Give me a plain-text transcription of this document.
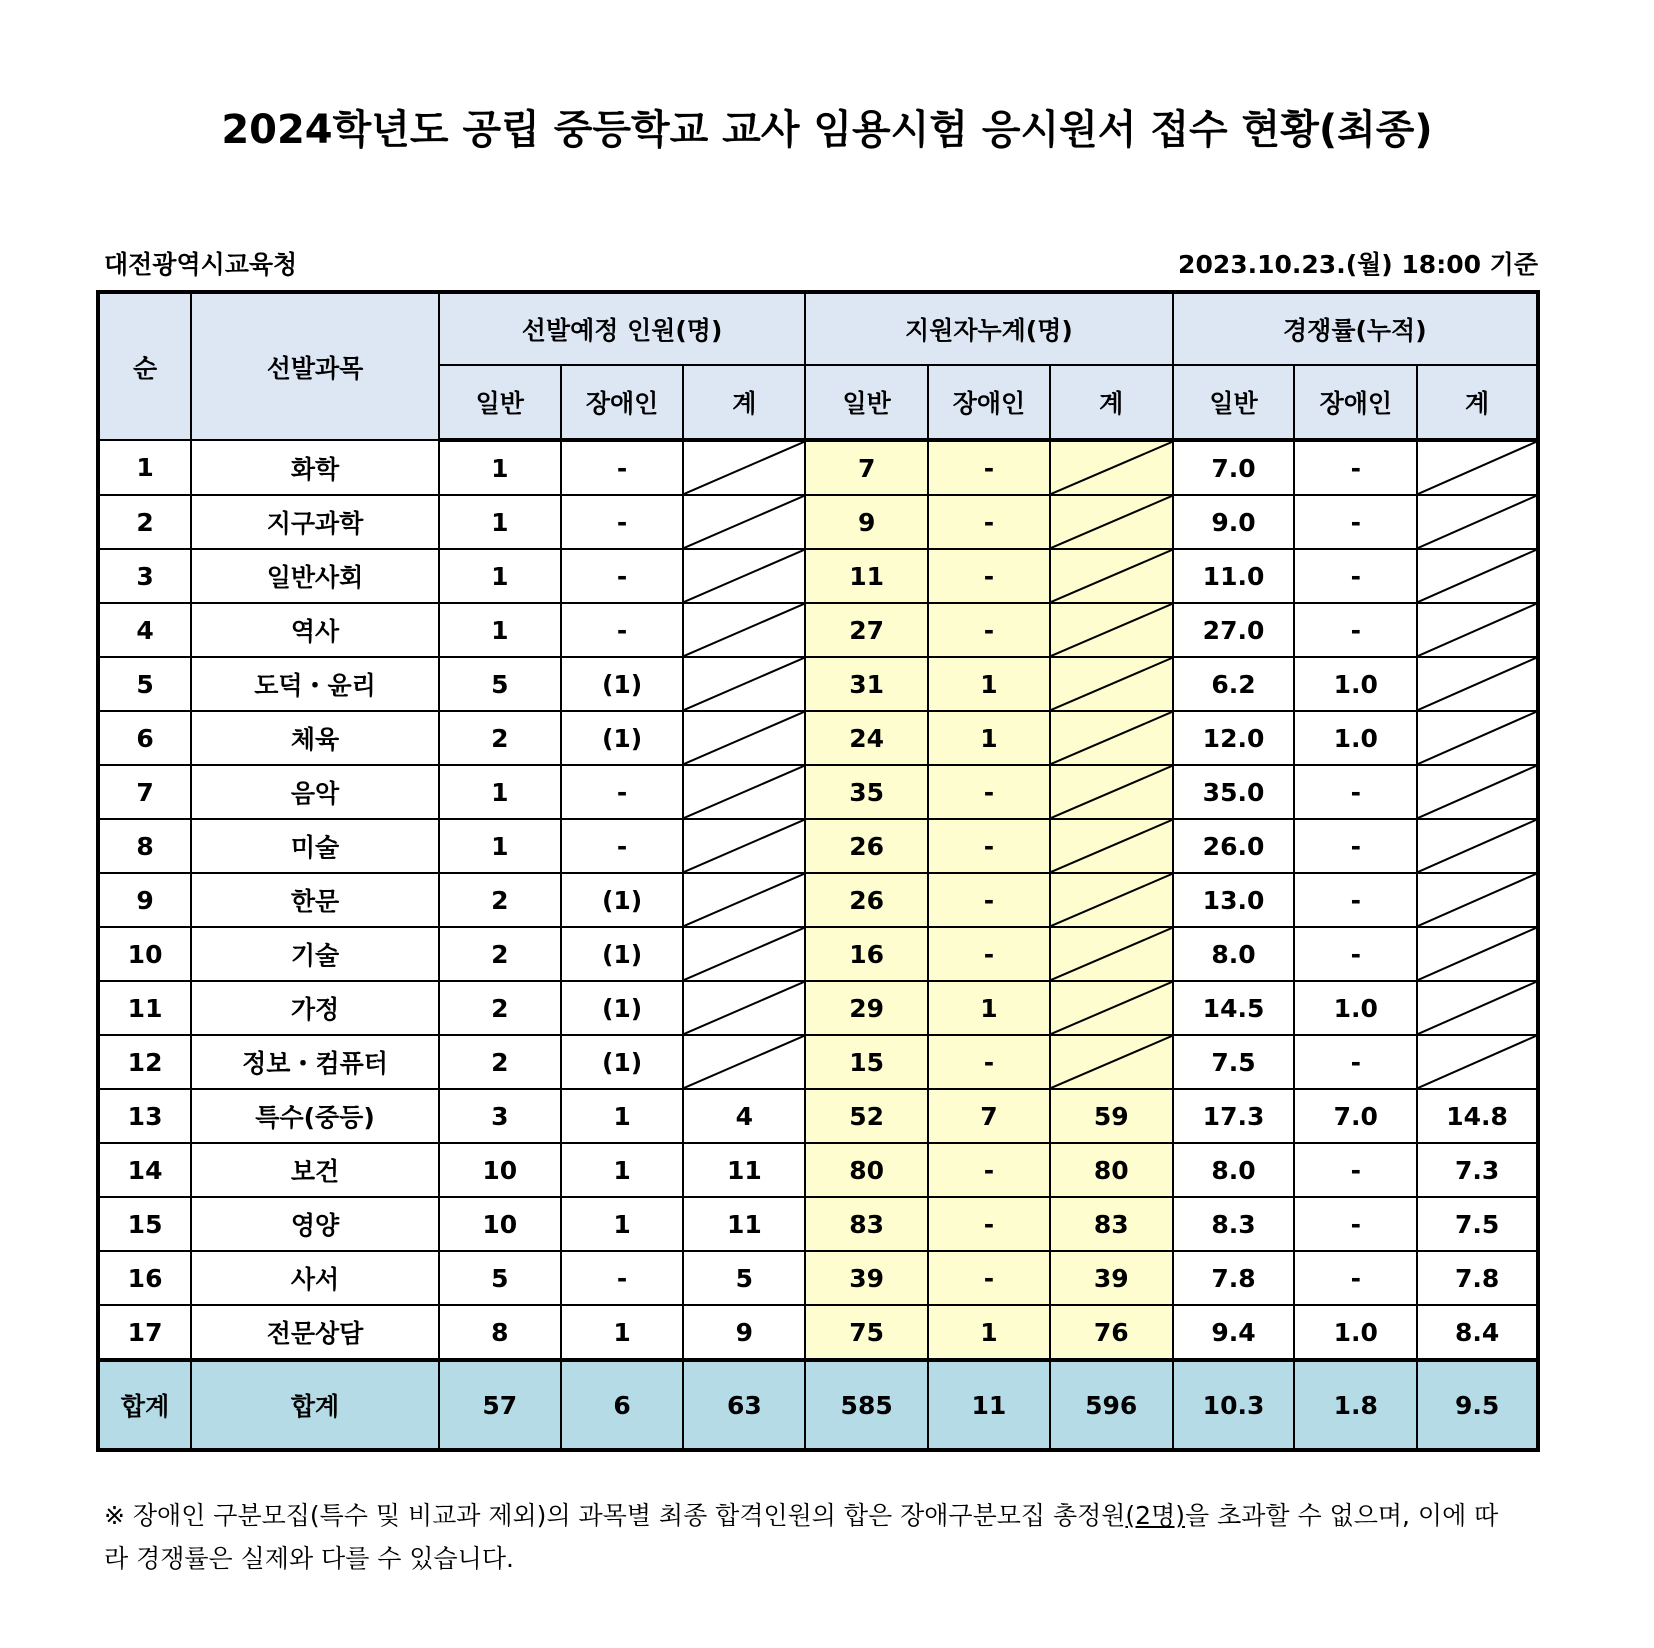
2024학년도 공립 중등학교 교사 임용시험 응시원서 접수 현황(최종)
대전광역시교육청	2023.10.23.(월) 18:00 기준
순	선발과목	선발예정 인원(명)			지원자누계(명)			경쟁률(누적)		
		일반	장애인	계	일반	장애인	계	일반	장애인	계
1	화학	1	-		7	-		7.0	-	

2	지구과학	1	-		9	-		9.0	-	

3	일반사회	1	-		11	-		11.0	-	

4	역사	1	-		27	-		27.0	-	

5	도덕・윤리	5	(1)		31	1		6.2	1.0	

6	체육	2	(1)		24	1		12.0	1.0	

7	음악	1	-		35	-		35.0	-	

8	미술	1	-		26	-		26.0	-	

9	한문	2	(1)		26	-		13.0	-	

10	기술	2	(1)		16	-		8.0	-	

11	가정	2	(1)		29	1		14.5	1.0	

12	정보・컴퓨터	2	(1)		15	-		7.5	-	

13	특수(중등)	3	1	4	52	7	59	17.3	7.0	14.8
14	보건	10	1	11	80	-	80	8.0	-	7.3
15	영양	10	1	11	83	-	83	8.3	-	7.5
16	사서	5	-	5	39	-	39	7.8	-	7.8
17	전문상담	8	1	9	75	1	76	9.4	1.0	8.4
합계	합계	57	6	63	585	11	596	10.3	1.8	9.5
※ 장애인 구분모집(특수 및 비교과 제외)의 과목별 최종 합격인원의 합은 장애구분모집 총정원(2명)을 초과할 수 없으며, 이에 따라 경쟁률은 실제와 다를 수 있습니다.
